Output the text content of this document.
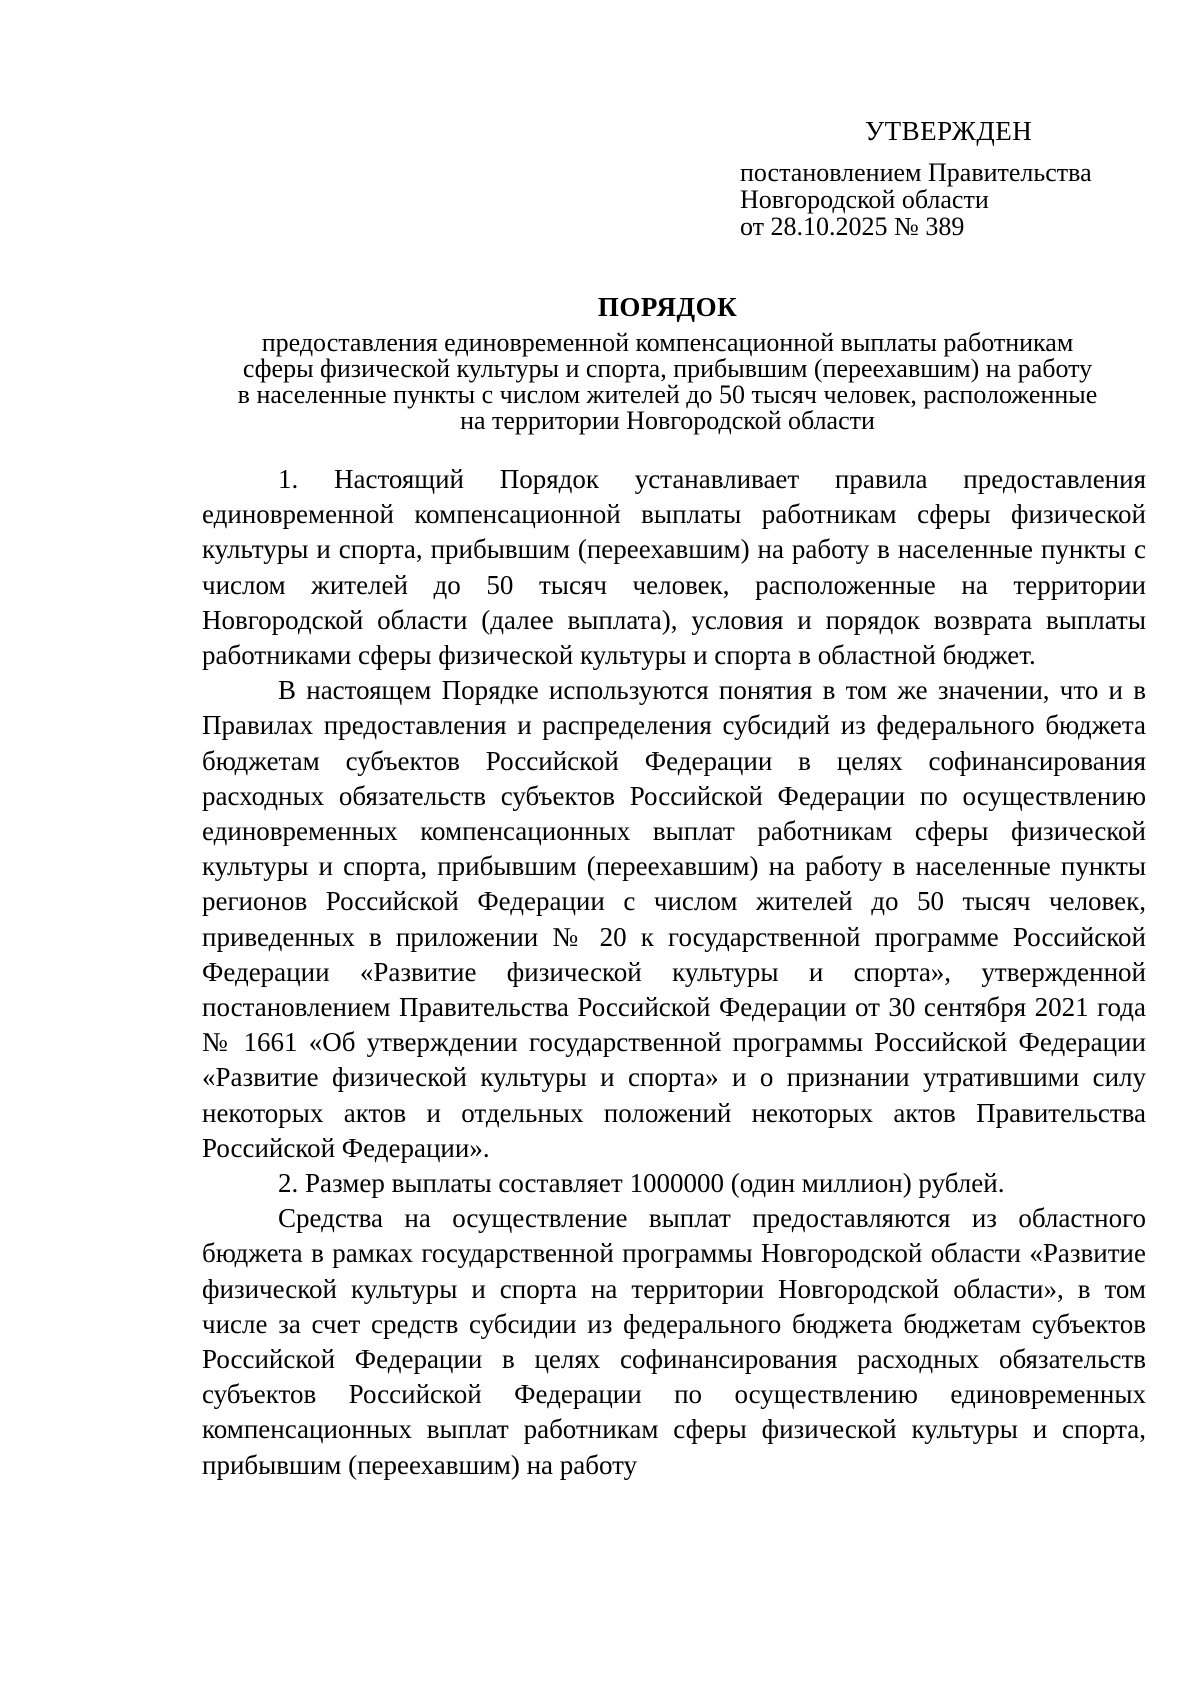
УТВЕРЖДЕН
постановлением Правительства
Новгородской области
от 28.10.2025 № 389
ПОРЯДОК
предоставления единовременной компенсационной выплаты работникам
сферы физической культуры и спорта, прибывшим (переехавшим) на работу
в населенные пункты с числом жителей до 50 тысяч человек, расположенные
на территории Новгородской области

1. Настоящий Порядок устанавливает правила предоставления единовременной компенсационной выплаты работникам сферы физической культуры и спорта, прибывшим (переехавшим) на работу в населенные пункты с числом жителей до 50 тысяч человек, расположенные на территории Новгородской области (далее выплата), условия и порядок возврата выплаты работниками сферы физической культуры и спорта в областной бюджет.

В настоящем Порядке используются понятия в том же значении, что и в Правилах предоставления и распределения субсидий из федерального бюджета бюджетам субъектов Российской Федерации в целях софинансирования расходных обязательств субъектов Российской Федерации по осуществлению единовременных компенсационных выплат работникам сферы физической культуры и спорта, прибывшим (переехавшим) на работу в населенные пункты регионов Российской Федерации с числом жителей до 50 тысяч человек, приведенных в приложении № 20 к государственной программе Российской Федерации «Развитие физической культуры и спорта», утвержденной постановлением Правительства Российской Федерации от 30 сентября 2021 года № 1661 «Об утверждении государственной программы Российской Федерации «Развитие физической культуры и спорта» и о признании утратившими силу некоторых актов и отдельных положений некоторых актов Правительства Российской Федерации».

2. Размер выплаты составляет 1000000 (один миллион) рублей.

Средства на осуществление выплат предоставляются из областного бюджета в рамках государственной программы Новгородской области «Развитие физической культуры и спорта на территории Новгородской области», в том числе за счет средств субсидии из федерального бюджета бюджетам субъектов Российской Федерации в целях софинансирования расходных обязательств субъектов Российской Федерации по осуществлению единовременных компенсационных выплат работникам сферы физической культуры и спорта, прибывшим (переехавшим) на работу
